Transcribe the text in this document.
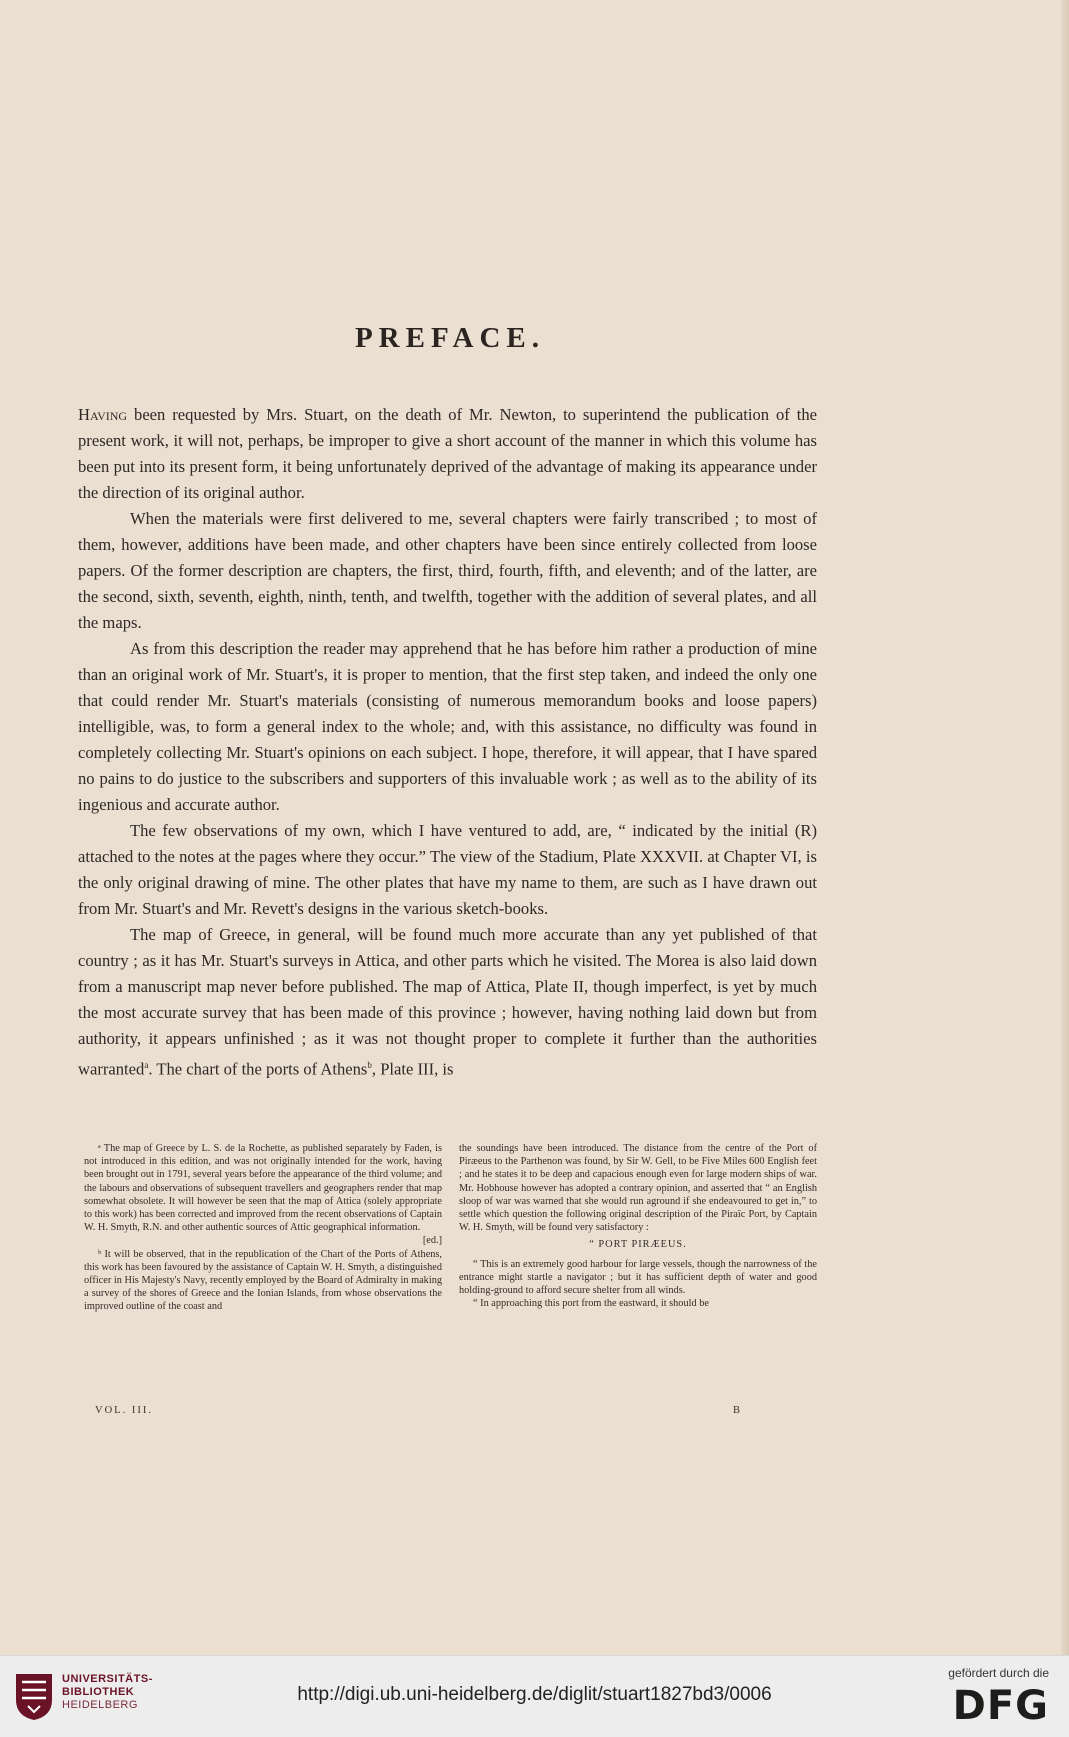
PREFACE.

Having been requested by Mrs. Stuart, on the death of Mr. Newton, to superintend the publication of the present work, it will not, perhaps, be improper to give a short account of the manner in which this volume has been put into its present form, it being unfortunately deprived of the advantage of making its appearance under the direction of its original author.

When the materials were first delivered to me, several chapters were fairly transcribed ; to most of them, however, additions have been made, and other chapters have been since entirely collected from loose papers. Of the former description are chapters, the first, third, fourth, fifth, and eleventh; and of the latter, are the second, sixth, seventh, eighth, ninth, tenth, and twelfth, together with the addition of several plates, and all the maps.

As from this description the reader may apprehend that he has before him rather a production of mine than an original work of Mr. Stuart's, it is proper to mention, that the first step taken, and indeed the only one that could render Mr. Stuart's materials (consisting of numerous memorandum books and loose papers) intelligible, was, to form a general index to the whole; and, with this assistance, no difficulty was found in completely collecting Mr. Stuart's opinions on each subject. I hope, therefore, it will appear, that I have spared no pains to do justice to the subscribers and supporters of this invaluable work ; as well as to the ability of its ingenious and accurate author.

The few observations of my own, which I have ventured to add, are, “ indicated by the initial (R) attached to the notes at the pages where they occur.” The view of the Stadium, Plate XXXVII. at Chapter VI, is the only original drawing of mine. The other plates that have my name to them, are such as I have drawn out from Mr. Stuart's and Mr. Revett's designs in the various sketch-books.

The map of Greece, in general, will be found much more accurate than any yet published of that country ; as it has Mr. Stuart's surveys in Attica, and other parts which he visited. The Morea is also laid down from a manuscript map never before published. The map of Attica, Plate II, though imperfect, is yet by much the most accurate survey that has been made of this province ; however, having nothing laid down but from authority, it appears unfinished ; as it was not thought proper to complete it further than the authorities warranted$^a$. The chart of the ports of Athens$^b$, Plate III, is

ᵃ The map of Greece by L. S. de la Rochette, as published separately by Faden, is not introduced in this edition, and was not originally intended for the work, having been brought out in 1791, several years before the appearance of the third volume; and the labours and observations of subsequent travellers and geographers render that map somewhat obsolete. It will however be seen that the map of Attica (solely appropriate to this work) has been corrected and improved from the recent observations of Captain W. H. Smyth, R.N. and other authentic sources of Attic geographical information.

[ed.]

ᵇ It will be observed, that in the republication of the Chart of the Ports of Athens, this work has been favoured by the assistance of Captain W. H. Smyth, a distinguished officer in His Majesty's Navy, recently employed by the Board of Admiralty in making a survey of the shores of Greece and the Ionian Islands, from whose observations the improved outline of the coast and

the soundings have been introduced. The distance from the centre of the Port of Piræeus to the Parthenon was found, by Sir W. Gell, to be Five Miles 600 English feet ; and he states it to be deep and capacious enough even for large modern ships of war. Mr. Hobhouse however has adopted a contrary opinion, and asserted that “ an English sloop of war was warned that she would run aground if she endeavoured to get in,” to settle which question the following original description of the Piraïc Port, by Captain W. H. Smyth, will be found very satisfactory :

“ PORT PIRÆEUS.

“ This is an extremely good harbour for large vessels, though the narrowness of the entrance might startle a navigator ; but it has sufficient depth of water and good holding-ground to afford secure shelter from all winds.

“ In approaching this port from the eastward, it should be

VOL. III.	B
UNIVERSITÄTS-
BIBLIOTHEK
HEIDELBERG	http://digi.ub.uni-heidelberg.de/diglit/stuart1827bd3/0006
gefördert durch die
DFG
